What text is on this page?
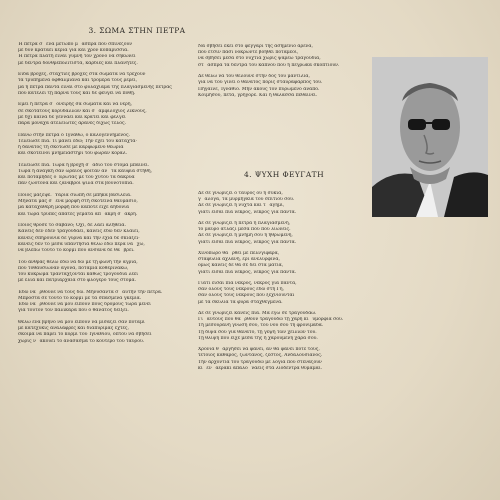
3. ΣΩΜΑ ΣΤΗΝ ΠΕΤΡΑ
Ἡ πέτρα σ᾿ ἔνα μέτωπο μ᾿ ἄσπρα πού σπινέζουν
μὲ δῦν κρατάει κεριά γιὰ καὶ χρόν κοπαρίσσια.
Ἡ πέτρα πλάτη εἶναι γυμνὴ τὸν χρόνο νὰ σηκώνει
μὲ δέντρα δονθρεπολιτιστὰ, καρδιές καὶ πλανήτες.
Εἶδα βροχές, σταχτιὲς βροχές στὰ σώματα νὰ τρέχουν
τὰ τρυπημένα ὀφθαλμιανὰ καὶ τρομερὰ τοὺς ρέρει,
μὰ ἡ πέτρα πάντα εἶναι στὸ φυλάχιαμα τῆς πλαγιασμένης πέτρας
ποὺ κατελεῖ τῇ πάρνα τους καὶ δὲ φεύγει νὰ ποθῇ.
Εμεῖ ἡ πέτρα σ᾿ ὀνειρῆς σὰ σώματα καὶ νὰ νέρη,
σὲ σκοτάτους κορυδαλλῶν καὶ σ᾿ ἀμφιλόχιος λίκνους,
μὲ δχι καινὰ δὲ γεννάει καὶ κρατεῖ καὶ φέλγει
παρὰ μονάχα ἀτελείωτες ἀρᾶνες δίχως τέλος.
Πάνω στὴν πέτρα ὁ Ἰγνάθω, ὁ καλογεννημένος.
Τέλειωσε πιά. Τί μᾶνει ἔδῶ; Τὴν ἔχει τοὺ κατάχτα·
ἡ δάνατος τῆ σκότωσε μὲ καρφωμένο θεωρία
καὶ σκοτεινοὶ μνημειαστῆρι τοῦ φώραν κοράλ.
Τέλειωσε πιά. Τώρα ἡ βροχή σ᾿ ἄδιο του στόμα μπαίνει.
Τώρα ἡ ἀνάγκη σὰν ὡραῖος φοιτάν ἀν᾿ τὰ καύφια στήθη,
καὶ ποτάμηδες ὁ Ἔρωτας μὲ τοὺ χυτοῦ τὰ δάκρυα
πὰν ζωοτονά καὶ ζαναβροῖ ψιλὰ στὰ βουνοτόπια.
Ποιὸς μάζεψε. Ὕαριὰ σιωπή σε μπήκα βασιλεία.
Μηνατά μας σ᾿ ἔνα μορφὴ στὴ σκοτεινὰ θαυμάσιο,
μὰ καταχάθερη μορφὴ ποῦ κάποτε εἶχε ἀηδόνια
καὶ τώρα τρύπες ἄπατες γεμάτα ἀπ᾿ ἄκρη σ᾿ ἄκρη.
Ποιὸς θρόσε τὸ σάβανο; Ὁχι, δὲ λάει ἀλήθεια.
Κανεὶς δὲν ἔδεν τραγουδάει, κανεὶς ἐδῶ δὲν κλαίει,
κανεὶς σπηρουνια δὲ γυρνᾶ καὶ τὴν ἐχιὰ δὲ σκιάζει·
κανεὶς δὲν τὸ μέσα ὑπάντησια θέλω ἐδῶ πέρα νά ᾿χω,
νὰ βλέπω τοῦτο τὸ κορμὶ ποῦ ανσανα δὲ θὰ ᾿βρει.
Τοῦ ἄνθρας θέλω ἐδῶ νὰ δῶ μὲ τῇ φωνὴ τὴν ἄγρια,
ποῦ τὸθαυσίωναν ἄγονα, ποτάμια κοθερινάκω,
τοὺ κύκρωμα τρανταχζονται κάθως τρογουδία λέει
μὲ ἕλια καὶ πατριαρχαία στὸ φλογερὸ τους στόμα.
Ἐδῶ νὰ ᾿ρθούνε νὰ τοὺς δῶ. Μηνυσαντὰ σ᾿ αὐτὴν τὴν πέτρα.
Μπροστὰ σὲ τοῦτο τὸ κορμὶ μὲ τὰ σπασμένα γκέμια.
Ἐδῶ νὰ ᾿ρθούνε νὰ μοῦ εἰποῦν ποῦς δρόμους τώρα μένει
γιὰ τοῦτον τὸν παλικαρὰ ποῦ ὁ θάνατος δεῖξει.
Θέλω ἐνα βρῆνο νὰ μοῦ εἰποῦν νὰ μισάζει σὰν ποτάμι
μὲ κατεχυκῖς ἀνάλαφρες καὶ διαπυρίμας ἔχτες,
σκοιμά νὰ πάρει τὸ κορμὶ τοῦ Ἰγνάθιου, ὁπτοῦ νὰ σβήσει
χωρὶς ν᾿ ἀκούει τὸ ἀνάσασμα τὸ κουτερὸ τοῦ ταύρου.
Νὰ σβήσει ἐκεῖ στὸ φεγγαρὶ τῆς ἀσημένιο ἀρένα,
ποῦ ἔτσιν πασὶ νοκρώντε βοηθεῖ ποτάμεοι,
νὰ σβήσει μέσα στὸ νυχτιὰ χωρὶς ψάρεω τραγουδιά,
στ᾿ ἄσπρα τὰ δέντρα τοῦ καπνοῦ ποῦ ἡ πεγρωκά σκοπτιοῦν.
Δὲ θέλω νὰ τοῦ θέλουνε στὴν δὸς τοῦ μαντίλια,
γιὰ νὰ τοῦ γίνει ὁ θάνατος πορίς σταυράφαρπος του.
Πήγαινε, Ἰγνάθιο. Μήν ἀκούς τὸν πυρωμένο ἀναπο.
Κοιμήσου, πέτα, γρηγορε. Καὶ ἡ θάλασσα πεθαίνει.
4. ΨΥΧΗ ΦΕΥΓΑΤΗ
Δὲ σὲ γνωρίζει ὁ ταῦρος οὐ ἡ συκιά,
γ᾿ ἄλογα, τὰ μυρμήγκια τοῦ σπιτιοῦ σου.
Δὲ σὲ γνωρίζει ἡ νύχτα καὶ τ᾿ ἀγῆμι,
γιατὶ εἶσαι πιὰ νεκρός, νεκρὸς γιὰ πάντα.
Δὲ σὲ γνωρίζει ἡ πέτρα ἡ πλαγιασμένη,
τὸ μαῦρο ἁτλάζι μέσα ποῦ ποῦ λιώνεις.
Δὲ σὲ γνωρίζει ἡ μνήμη σου ἡ ἠθρωμένη,
γιατὶ εἶσαι πιὰ νεκρός, νεκρὸς γιὰ πάντα.
Χινόπωρο θὰ ᾿ρθεῖ μὲ πελνγιφάρα,
σταφύλια ἀχλάνη, ἔρι ἀνελυρφίνα,
ὅμως κανεὶς δὲ θὰ σὲ δεῖ στὰ μάτια,
γιατὶ εἶσαι πιὰ νεκρός, νεκρὸς γιὰ πάντα.
Γιατὶ εἶσαι πιὰ νεκρός, νεκρὸς γιὰ πάντα,
σὰν ὅλους τοὺς νεκροὺς ἐδῶ στὴ Γῆ,
σὰν ὅλους τοὺς νεκροὺς ποῦ ξεχνιουνται
μὲ τὰ σκυλιὰ τὰ φύρα σταχθεγμένα.
Δὲ σὲ γνωρίζει κανεὶς πιά. Μὰ ἐγὼ σὲ τραγουδάω.
Γι᾿ αὐτοὺς ποῦ θὰ ᾿ρθουν τραγουδῶ τῇ χάρη κι᾿ ὑμορφιά σου.
Τὴ μεσουράνη γνώση σου, τοῦ νοῦ σου τῆ φρονιμάδα.
Τῇ δίψα σου γιὰ θάνατο, τῇ γεψη τῶν χειλιῶν του.
Τῇ θλίψη ποῦ εἶχε μέσα της ἡ χαρούμενη χαρά σου.
Χρόνια θ᾿ ἀργήσει νὰ φανεῖ, ἂν θὰ φανεῖ ποτέ τους,
τέτοιος καθαρός, ζωντανός, ζεστός, Ἀνδαλουσιάνος.
Τὴν ἀρχοντιὰ του τραγουδῶ μὲ λόγια ποῦ στενάζουν
κι᾿ ἔν᾿ ἀεράκι ἀπαλὸ ᾿νάεις στὰ λιόδεντρα θυμᾶμαι.
